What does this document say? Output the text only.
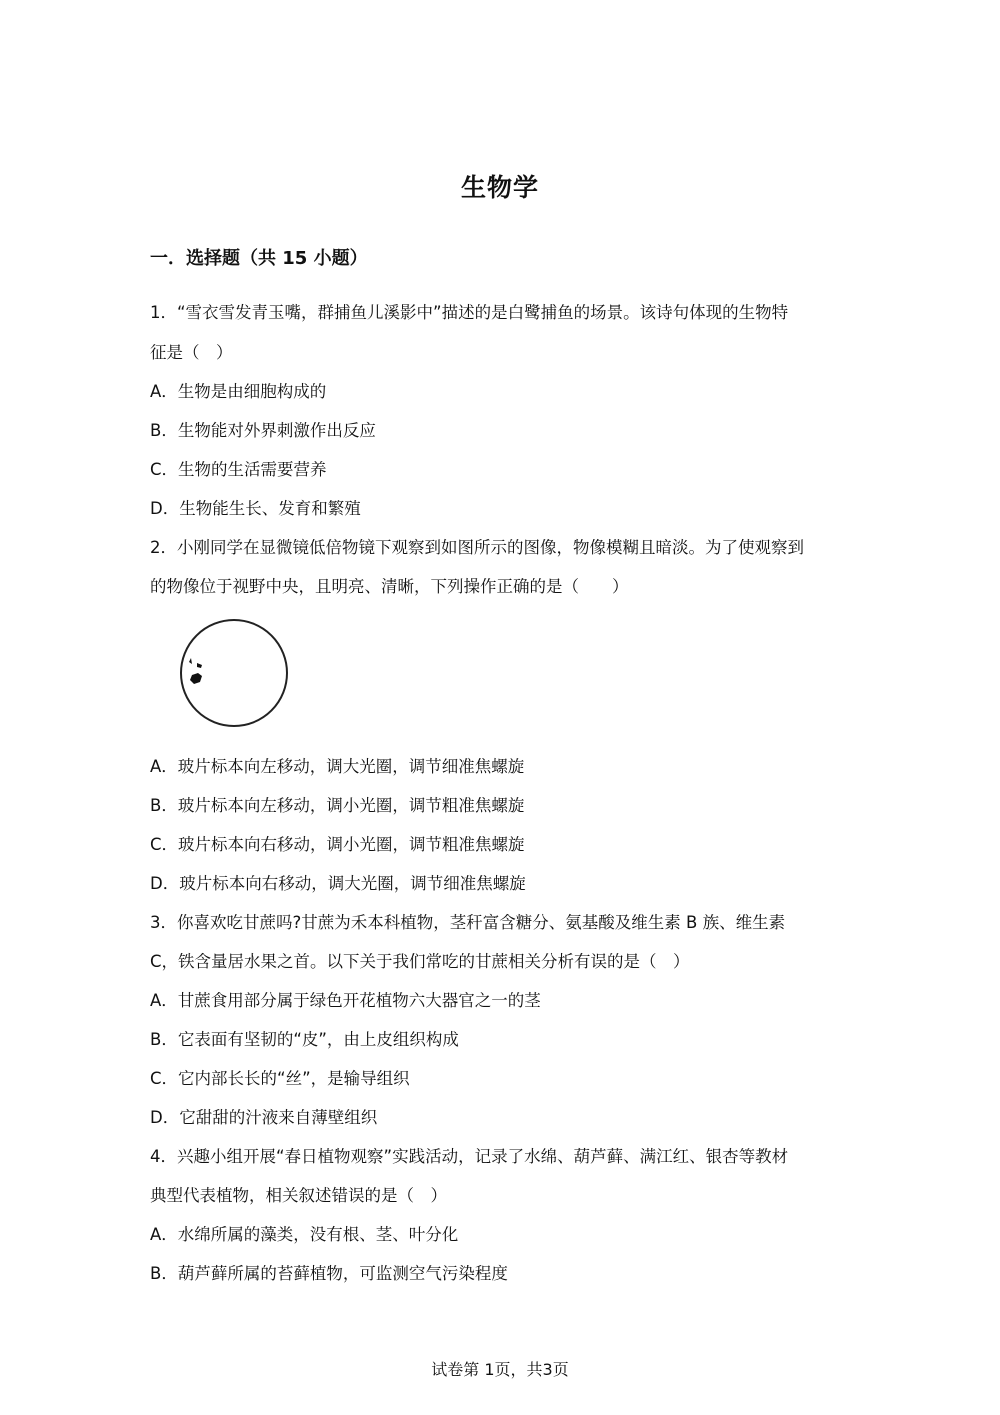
生物学
一．选择题（共 15 小题）
1．“雪衣雪发青玉嘴，群捕鱼儿溪影中”描述的是白鹭捕鱼的场景。该诗句体现的生物特
征是（　）
A．生物是由细胞构成的
B．生物能对外界刺激作出反应
C．生物的生活需要营养
D．生物能生长、发育和繁殖
2．小刚同学在显微镜低倍物镜下观察到如图所示的图像，物像模糊且暗淡。为了使观察到
的物像位于视野中央，且明亮、清晰，下列操作正确的是（　　）
A．玻片标本向左移动，调大光圈，调节细准焦螺旋
B．玻片标本向左移动，调小光圈，调节粗准焦螺旋
C．玻片标本向右移动，调小光圈，调节粗准焦螺旋
D．玻片标本向右移动，调大光圈，调节细准焦螺旋
3．你喜欢吃甘蔗吗?甘蔗为禾本科植物，茎秆富含糖分、氨基酸及维生素 B 族、维生素
C，铁含量居水果之首。以下关于我们常吃的甘蔗相关分析有误的是（　）
A．甘蔗食用部分属于绿色开花植物六大器官之一的茎
B．它表面有坚韧的“皮”，由上皮组织构成
C．它内部长长的“丝”，是输导组织
D．它甜甜的汁液来自薄壁组织
4．兴趣小组开展“春日植物观察”实践活动，记录了水绵、葫芦藓、满江红、银杏等教材
典型代表植物，相关叙述错误的是（　）
A．水绵所属的藻类，没有根、茎、叶分化
B．葫芦藓所属的苔藓植物，可监测空气污染程度
试卷第 1页，共3页
